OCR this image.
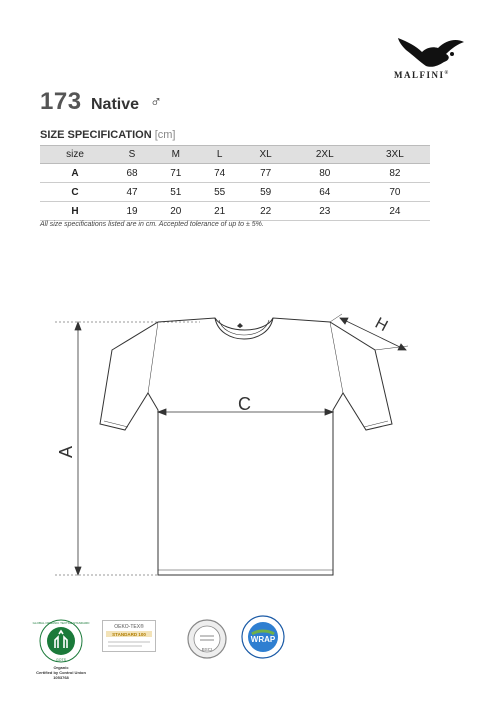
MALFINI®
173 Native ♂
SIZE SPECIFICATION [cm]
size	S	M	L	XL	2XL	3XL
A	68	71	74	77	80	82
C	47	51	55	59	64	70
H	19	20	21	22	23	24
All size specifications listed are in cm. Accepted tolerance of up to ± 5%.
A
C
H
GLOBAL ORGANIC TEXTILE STANDARD
GOTS
Organic
Certified by Control Union
1053768
OEKO-TEX®
STANDARD 100
BSCI
WRAP
